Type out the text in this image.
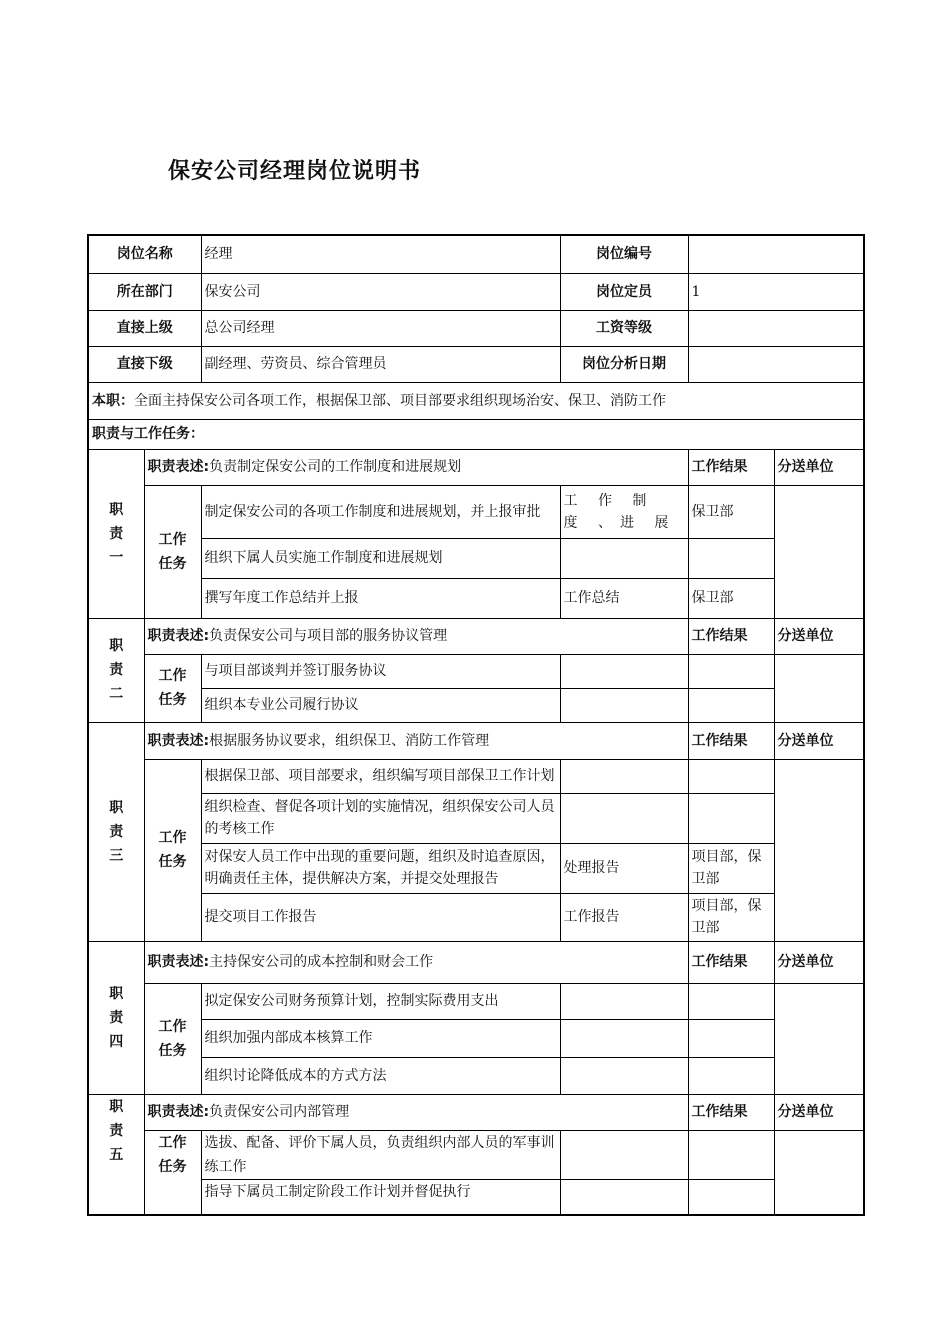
保安公司经理岗位说明书
岗位名称		经理	岗位编号		
所在部门		保安公司	岗位定员	1	
直接上级		总公司经理	工资等级		
直接下级		副经理、劳资员、综合管理员	岗位分析日期		
本职：全面主持保安公司各项工作，根据保卫部、项目部要求组织现场治安、保卫、消防工作					
职责与工作任务：					

职
责
一	职责表述:负责制定保安公司的工作制度和进展规划			工作结果	分送单位

	工作
任务	制定保安公司的各项工作制度和进展规划，并上报审批	工 作 制 度 、进 展	保卫部	
		组织下属人员实施工作制度和进展规划			
		撰写年度工作总结并上报	工作总结	保卫部	

职
责
二	职责表述:负责保安公司与项目部的服务协议管理			工作结果	分送单位

	工作
任务	与项目部谈判并签订服务协议			
		组织本专业公司履行协议			

职
责
三	职责表述:根据服务协议要求，组织保卫、消防工作管理			工作结果	分送单位

	工作
任务	根据保卫部、项目部要求，组织编写项目部保卫工作计划			
		组织检查、督促各项计划的实施情况，组织保安公司人员的考核工作			
		对保安人员工作中出现的重要问题，组织及时追查原因，明确责任主体，提供解决方案，并提交处理报告	处理报告	项目部，保卫部	
		提交项目工作报告	工作报告	项目部，保卫部	

职
责
四	职责表述:主持保安公司的成本控制和财会工作			工作结果	分送单位

	工作
任务	拟定保安公司财务预算计划，控制实际费用支出			
		组织加强内部成本核算工作			
		组织讨论降低成本的方式方法			

职
责
五	职责表述:负责保安公司内部管理			工作结果	分送单位

	工作
任务	选拔、配备、评价下属人员，负责组织内部人员的军事训练工作			
		指导下属员工制定阶段工作计划并督促执行			
